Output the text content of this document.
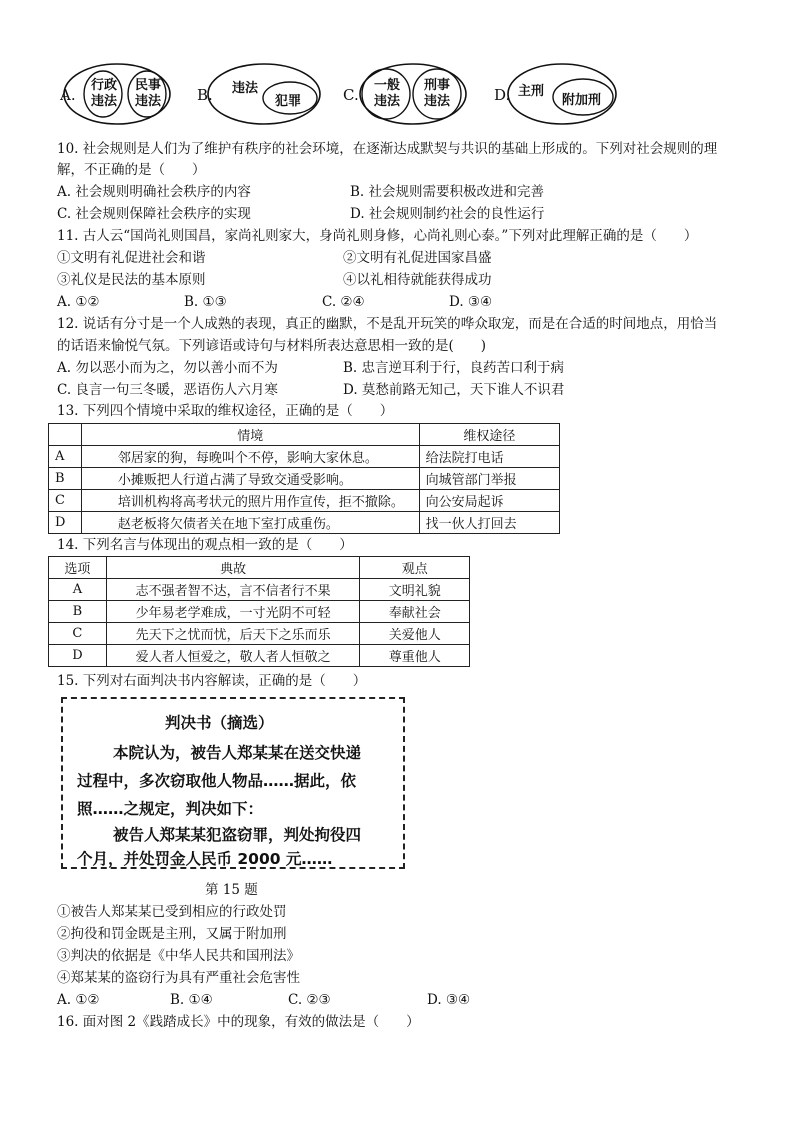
A.
行政
违法
民事
违法 B. 违法
犯罪	C.
一般
违法
刑事
违法	D. 主刑
附加刑
10. 社会规则是人们为了维护有秩序的社会环境，在逐渐达成默契与共识的基础上形成的。下列对社会规则的理
解，不正确的是（　　）
A. 社会规则明确社会秩序的内容	B. 社会规则需要积极改进和完善
C. 社会规则保障社会秩序的实现	D. 社会规则制约社会的良性运行
11. 古人云“国尚礼则国昌，家尚礼则家大，身尚礼则身修，心尚礼则心泰。”下列对此理解正确的是（　　）
①文明有礼促进社会和谐	②文明有礼促进国家昌盛
③礼仪是民法的基本原则	④以礼相待就能获得成功
A. ①②	B. ①③	C. ②④	D. ③④
12. 说话有分寸是一个人成熟的表现，真正的幽默，不是乱开玩笑的哗众取宠，而是在合适的时间地点，用恰当
的话语来愉悦气氛。下列谚语或诗句与材料所表达意思相一致的是(　　)
A. 勿以恶小而为之，勿以善小而不为	B. 忠言逆耳利于行，良药苦口利于病
C. 良言一句三冬暖，恶语伤人六月寒	D. 莫愁前路无知己，天下谁人不识君
13. 下列四个情境中采取的维权途径，正确的是（　　）
	情境	维权途径
A	邻居家的狗，每晚叫个不停，影响大家休息。	给法院打电话
B	小摊贩把人行道占满了导致交通受影响。	向城管部门举报
C	培训机构将高考状元的照片用作宣传，拒不撤除。	向公安局起诉
D	赵老板将欠债者关在地下室打成重伤。	找一伙人打回去
14. 下列名言与体现出的观点相一致的是（　　）
选项	典故	观点
A	志不强者智不达，言不信者行不果	文明礼貌
B	少年易老学难成，一寸光阴不可轻	奉献社会
C	先天下之忧而忧，后天下之乐而乐	关爱他人
D	爱人者人恒爱之，敬人者人恒敬之	尊重他人
15. 下列对右面判决书内容解读，正确的是（　　）
判决书（摘选）
本院认为，被告人郑某某在送交快递
过程中，多次窃取他人物品……据此，依
照……之规定，判决如下：
被告人郑某某犯盗窃罪，判处拘役四
个月，并处罚金人民币 2000 元……
第 15 题
①被告人郑某某已受到相应的行政处罚
②拘役和罚金既是主刑，又属于附加刑
③判决的依据是《中华人民共和国刑法》
④郑某某的盗窃行为具有严重社会危害性
A. ①②	B. ①④	C. ②③	D. ③④
16. 面对图 2《践踏成长》中的现象，有效的做法是（　　）
